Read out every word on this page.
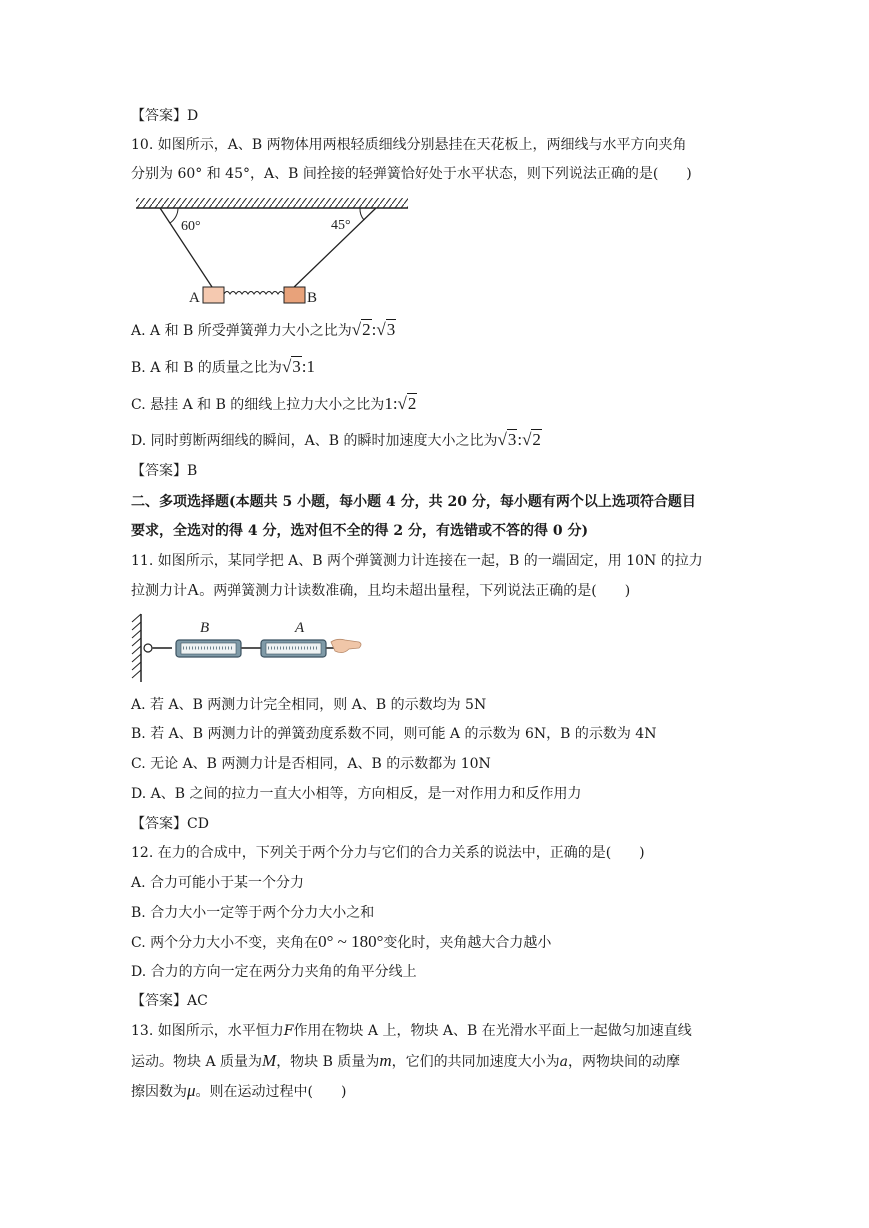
【答案】D
10. 如图所示，A、B 两物体用两根轻质细线分别悬挂在天花板上，两细线与水平方向夹角
分别为 60° 和 45°，A、B 间拴接的轻弹簧恰好处于水平状态，则下列说法正确的是(　　)
60°	45°
A	B
A. A 和 B 所受弹簧弹力大小之比为√2:√3
B. A 和 B 的质量之比为√3:1
C. 悬挂 A 和 B 的细线上拉力大小之比为1:√2
D. 同时剪断两细线的瞬间，A、B 的瞬时加速度大小之比为√3:√2
【答案】B
二、多项选择题(本题共 5 小题，每小题 4 分，共 20 分，每小题有两个以上选项符合题目
要求，全选对的得 4 分，选对但不全的得 2 分，有选错或不答的得 0 分)
11. 如图所示，某同学把 A、B 两个弹簧测力计连接在一起，B 的一端固定，用 10N 的拉力
拉测力计A。两弹簧测力计读数准确，且均未超出量程，下列说法正确的是(　　)
B	A
A. 若 A、B 两测力计完全相同，则 A、B 的示数均为 5N
B. 若 A、B 两测力计的弹簧劲度系数不同，则可能 A 的示数为 6N，B 的示数为 4N
C. 无论 A、B 两测力计是否相同，A、B 的示数都为 10N
D. A、B 之间的拉力一直大小相等，方向相反，是一对作用力和反作用力
【答案】CD
12. 在力的合成中，下列关于两个分力与它们的合力关系的说法中，正确的是(　　)
A. 合力可能小于某一个分力
B. 合力大小一定等于两个分力大小之和
C. 两个分力大小不变，夹角在0° ~ 180°变化时，夹角越大合力越小
D. 合力的方向一定在两分力夹角的角平分线上
【答案】AC
13. 如图所示，水平恒力F作用在物块 A 上，物块 A、B 在光滑水平面上一起做匀加速直线
运动。物块 A 质量为M，物块 B 质量为m，它们的共同加速度大小为a，两物块间的动摩
擦因数为μ。则在运动过程中(　　)
